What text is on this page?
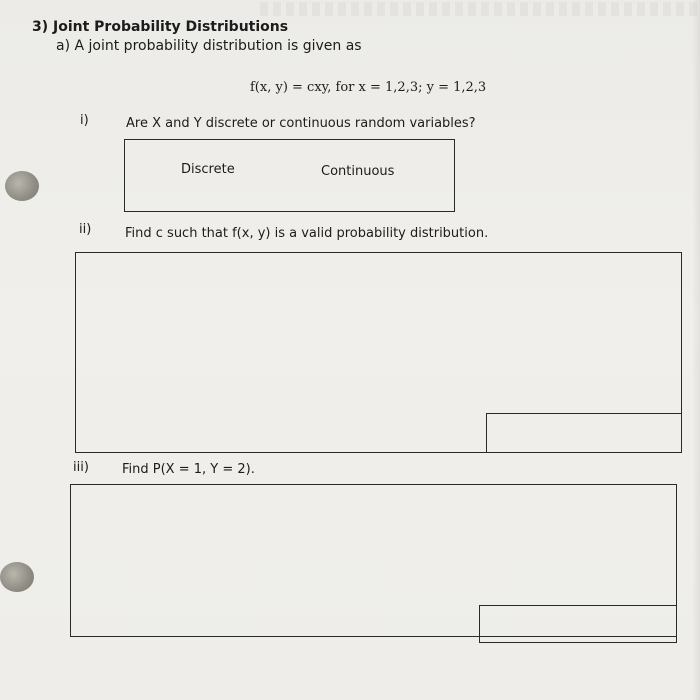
3) Joint Probability Distributions
a) A joint probability distribution is given as
f(x, y) = cxy, for x = 1,2,3; y = 1,2,3
i)	Are X and Y discrete or continuous random variables?
Discrete	Continuous
ii)	Find c such that f(x, y) is a valid probability distribution.
iii)	Find P(X = 1, Y = 2).
